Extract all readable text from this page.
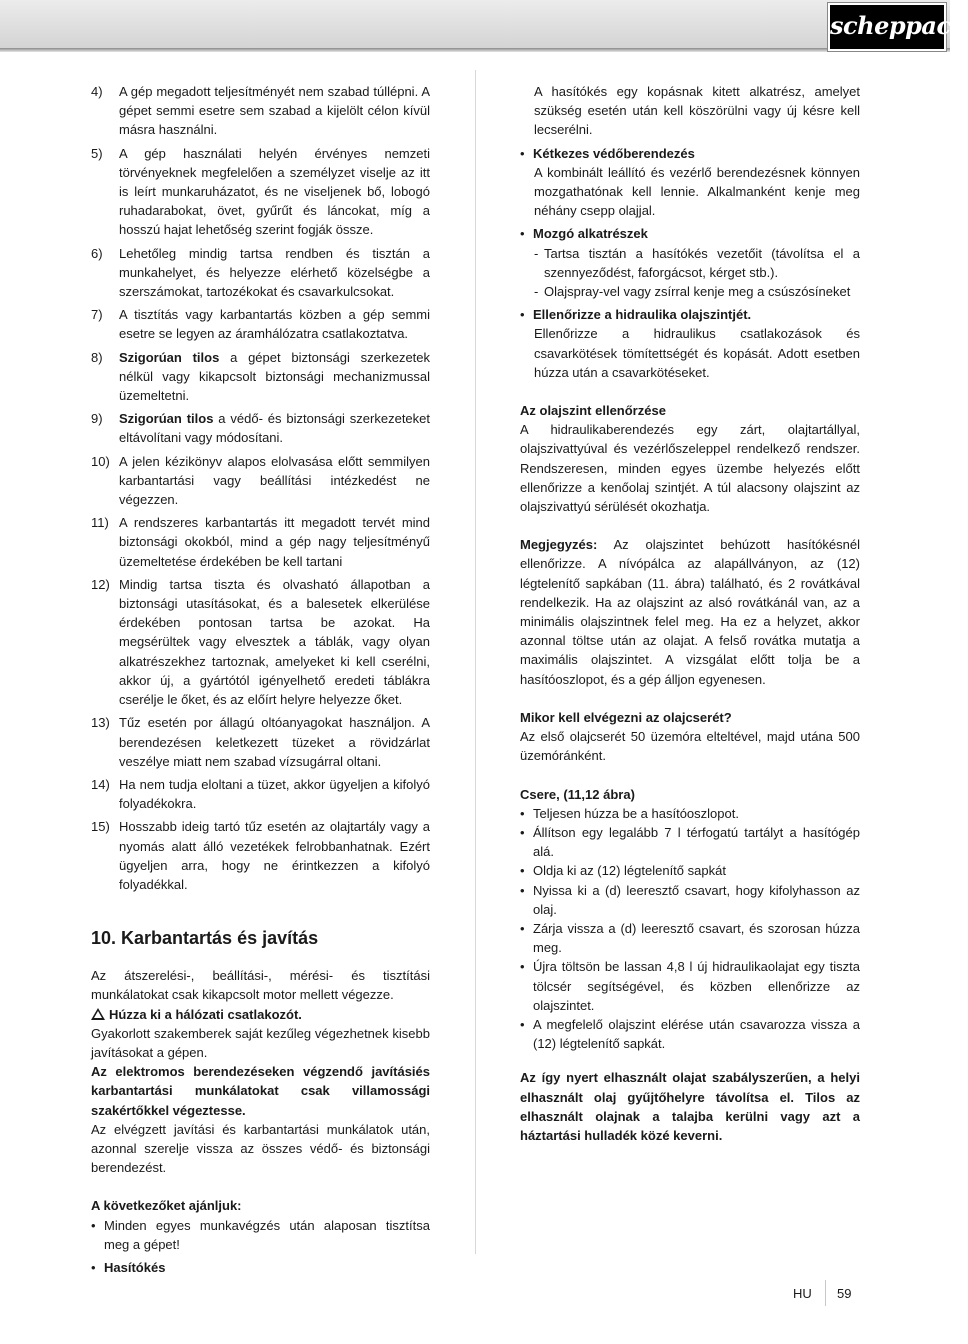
scheppach
4)	A gép megadott teljesítményét nem szabad túllépni. A gépet semmi esetre sem szabad a kijelölt célon kívül másra használni.
5)	A gép használati helyén érvényes nemzeti törvényeknek megfelelően a személyzet viselje az itt is leírt munkaruházatot, és ne viseljenek bő, lobogó ruhadarabokat, övet, gyűrűt és láncokat, míg a hosszú hajat lehetőség szerint fogják össze.
6)	Lehetőleg mindig tartsa rendben és tisztán a munkahelyet, és helyezze elérhető közelségbe a szerszámokat, tartozékokat és csavarkulcsokat.
7)	A tisztítás vagy karbantartás közben a gép semmi esetre se legyen az áramhálózatra csatlakoztatva.
8)	Szigorúan tilos a gépet biztonsági szerkezetek nélkül vagy kikapcsolt biztonsági mechanizmussal üzemeltetni.
9)	Szigorúan tilos a védő- és biztonsági szerkezeteket eltávolítani vagy módosítani.
10) A jelen kézikönyv alapos elolvasása előtt semmilyen karbantartási vagy beállítási intézkedést ne végezzen.
11) A rendszeres karbantartás itt megadott tervét mind biztonsági okokból, mind a gép nagy teljesítményű üzemeltetése érdekében be kell tartani
12) Mindig tartsa tiszta és olvasható állapotban a biztonsági utasításokat, és a balesetek elkerülése érdekében pontosan tartsa be azokat. Ha megsérültek vagy elvesztek a táblák, vagy olyan alkatrészekhez tartoznak, amelyeket ki kell cserélni, akkor új, a gyártótól igényelhető eredeti táblákra cserélje le őket, és az előírt helyre helyezze őket.
13) Tűz esetén por állagú oltóanyagokat használjon. A berendezésen keletkezett tüzeket a rövidzárlat veszélye miatt nem szabad vízsugárral oltani.
14) Ha nem tudja eloltani a tüzet, akkor ügyeljen a kifolyó folyadékokra.
15) Hosszabb ideig tartó tűz esetén az olajtartály vagy a nyomás alatt álló vezetékek felrobbanhatnak. Ezért ügyeljen arra, hogy ne érintkezzen a kifolyó folyadékkal.
10. Karbantartás és javítás

Az átszerelési-, beállítási-, mérési- és tisztítási munkálatokat csak kikapcsolt motor mellett végezze.

Húzza ki a hálózati csatlakozót.

Gyakorlott szakemberek saját kezűleg végezhetnek kisebb javításokat a gépen.

Az elektromos berendezéseken végzendő javításiés karbantartási munkálatokat csak villamossági szakértőkkel végeztesse.

Az elvégzett javítási és karbantartási munkálatok után, azonnal szerelje vissza az összes védő- és biztonsági berendezést.

A következőket ajánljuk:

• Minden egyes munkavégzés után alaposan tisztítsa meg a gépet!
• Hasítókés

A hasítókés egy kopásnak kitett alkatrész, amelyet szükség esetén után kell köszörülni vagy új késre kell lecserélni.

• Kétkezes védőberendezés

A kombinált leállító és vezérlő berendezésnek könnyen mozgathatónak kell lennie. Alkalmanként kenje meg néhány csepp olajjal.

• Mozgó alkatrészek
- Tartsa tisztán a hasítókés vezetőit (távolítsa el a szennyeződést, faforgácsot, kérget stb.).
- Olajspray-vel vagy zsírral kenje meg a csúszósíneket
• Ellenőrizze a hidraulika olajszintjét.

Ellenőrizze a hidraulikus csatlakozások és csavarkötések tömítettségét és kopását. Adott esetben húzza után a csavarkötéseket.

Az olajszint ellenőrzése

A hidraulikaberendezés egy zárt, olajtartállyal, olajszivattyúval és vezérlőszeleppel rendelkező rendszer. Rendszeresen, minden egyes üzembe helyezés előtt ellenőrizze a kenőolaj szintjét. A túl alacsony olajszint az olajszivattyú sérülését okozhatja.

Megjegyzés: Az olajszintet behúzott hasítókésnél ellenőrizze. A nívópálca az alapállványon, az (12) légtelenítő sapkában (11. ábra) található, és 2 rovátkával rendelkezik. Ha az olajszint az alsó rovátkánál van, az a minimális olajszintnek felel meg. Ha ez a helyzet, akkor azonnal töltse után az olajat. A felső rovátka mutatja a maximális olajszintet. A vizsgálat előtt tolja be a hasítóoszlopot, és a gép álljon egyenesen.

Mikor kell elvégezni az olajcserét?

Az első olajcserét 50 üzemóra elteltével, majd utána 500 üzemóránként.

Csere, (11,12 ábra)

• Teljesen húzza be a hasítóoszlopot.
• Állítson egy legalább 7 l térfogatú tartályt a hasítógép alá.
• Oldja ki az (12) légtelenítő sapkát
• Nyissa ki a (d) leeresztő csavart, hogy kifolyhasson az olaj.
• Zárja vissza a (d) leeresztő csavart, és szorosan húzza meg.
• Újra töltsön be lassan 4,8 l új hidraulikaolajat egy tiszta tölcsér segítségével, és közben ellenőrizze az olajszintet.
• A megfelelő olajszint elérése után csavarozza vissza a (12) légtelenítő sapkát.

Az így nyert elhasznált olajat szabályszerűen, a helyi elhasznált olaj gyűjtőhelyre távolítsa el. Tilos az elhasznált olajnak a talajba kerülni vagy azt a háztartási hulladék közé keverni.

HU 59
